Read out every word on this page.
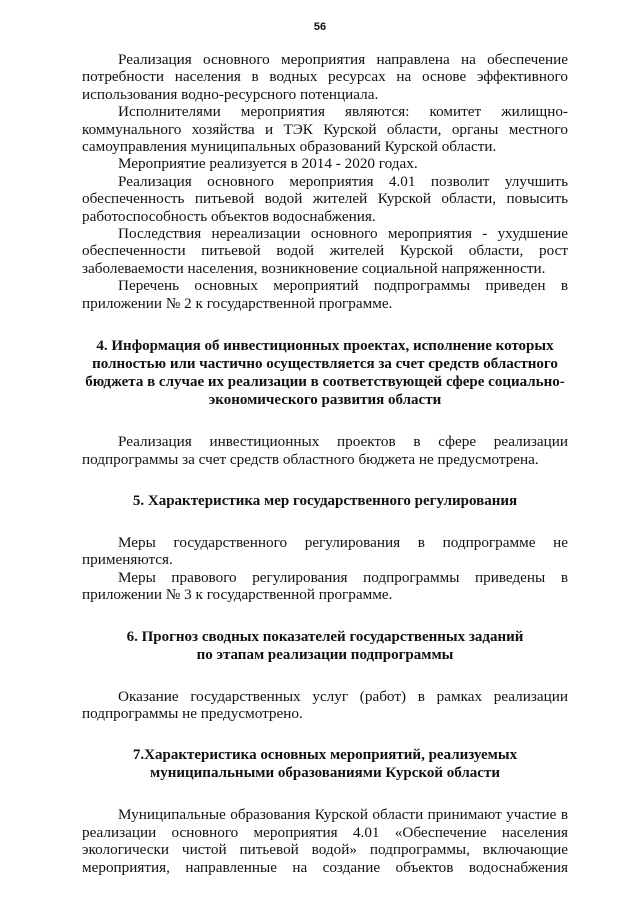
56

Реализация основного мероприятия направлена на обеспечение потребности населения в водных ресурсах на основе эффективного использования водно-ресурсного потенциала.

Исполнителями мероприятия являются: комитет жилищно-коммунального хозяйства и ТЭК Курской области, органы местного самоуправления муниципальных образований Курской области.

Мероприятие реализуется в 2014 - 2020 годах.

Реализация основного мероприятия 4.01 позволит улучшить обеспеченность питьевой водой жителей Курской области, повысить работоспособность объектов водоснабжения.

Последствия нереализации основного мероприятия - ухудшение обеспеченности питьевой водой жителей Курской области, рост заболеваемости населения, возникновение социальной напряженности.

Перечень основных мероприятий подпрограммы приведен в приложении № 2 к государственной программе.

4. Информация об инвестиционных проектах, исполнение которых полностью или частично осуществляется за счет средств областного бюджета в случае их реализации в соответствующей сфере социально-экономического развития области

Реализация инвестиционных проектов в сфере реализации подпрограммы за счет средств областного бюджета не предусмотрена.

5. Характеристика мер государственного регулирования

Меры государственного регулирования в подпрограмме не применяются.

Меры правового регулирования подпрограммы приведены в приложении № 3 к государственной программе.

6. Прогноз сводных показателей государственных заданий
по этапам реализации подпрограммы

Оказание государственных услуг (работ) в рамках реализации подпрограммы не предусмотрено.

7.Характеристика основных мероприятий, реализуемых
муниципальными образованиями Курской области

Муниципальные образования Курской области принимают участие в реализации основного мероприятия 4.01 «Обеспечение населения экологически чистой питьевой водой» подпрограммы, включающие мероприятия, направленные на создание объектов водоснабжения
